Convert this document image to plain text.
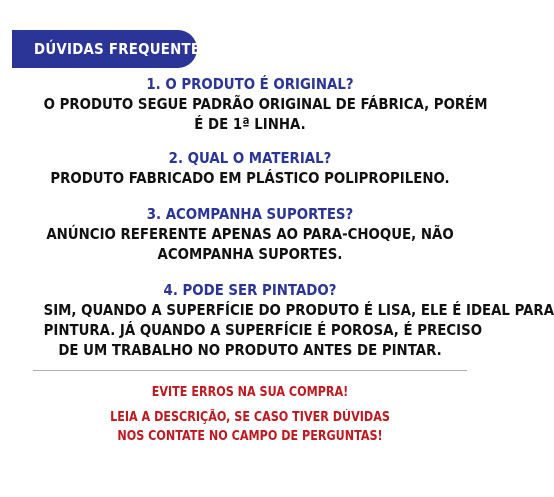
DÚVIDAS FREQUENTES:
1. O PRODUTO É ORIGINAL?
O PRODUTO SEGUE PADRÃO ORIGINAL DE FÁBRICA, PORÉM
É DE 1ª LINHA.
2. QUAL O MATERIAL?
PRODUTO FABRICADO EM PLÁSTICO POLIPROPILENO.
3. ACOMPANHA SUPORTES?
ANÚNCIO REFERENTE APENAS AO PARA-CHOQUE, NÃO
ACOMPANHA SUPORTES.
4. PODE SER PINTADO?
SIM, QUANDO A SUPERFÍCIE DO PRODUTO É LISA, ELE É IDEAL PARA
PINTURA. JÁ QUANDO A SUPERFÍCIE É POROSA, É PRECISO
DE UM TRABALHO NO PRODUTO ANTES DE PINTAR.
EVITE ERROS NA SUA COMPRA!
LEIA A DESCRIÇÃO, SE CASO TIVER DÚVIDAS
NOS CONTATE NO CAMPO DE PERGUNTAS!
